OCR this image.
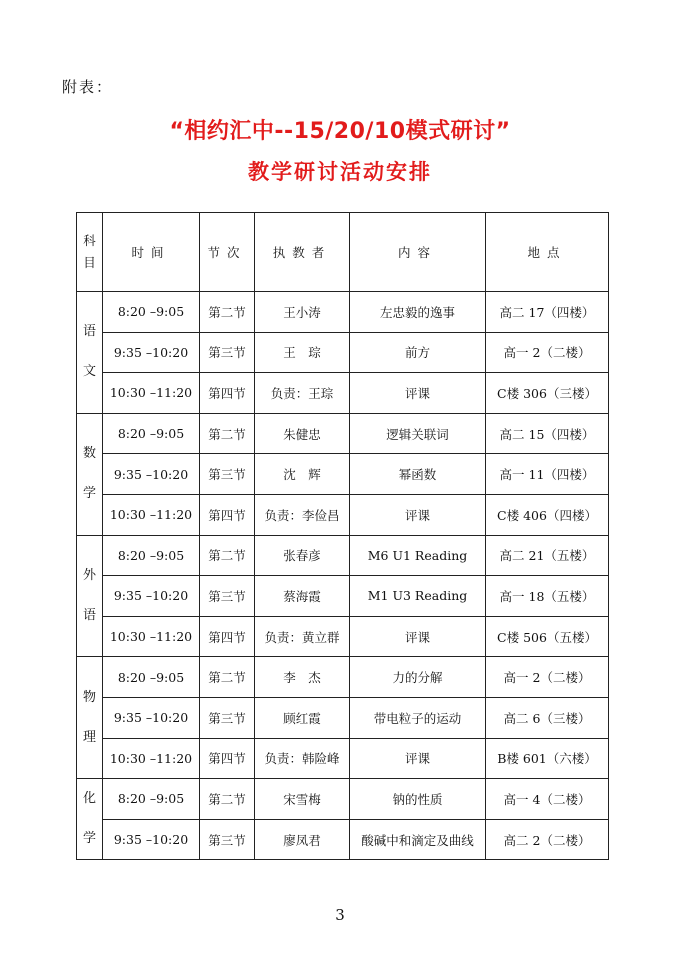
附表：
“相约汇中--15/20/10模式研讨”
教学研讨活动安排
科
目	时间	节次	执教者	内容	地点
语
文	8:20 –9:05	第二节	王小涛	左忠毅的逸事	高二 17（四楼）
	9:35 –10:20	第三节	王　琮	前方	高一 2（二楼）
	10:30 –11:20	第四节	负责：王琮	评课	C楼 306（三楼）
数
学	8:20 –9:05	第二节	朱健忠	逻辑关联词	高二 15（四楼）
	9:35 –10:20	第三节	沈　辉	幂函数	高一 11（四楼）
	10:30 –11:20	第四节	负责：李俭昌	评课	C楼 406（四楼）
外
语	8:20 –9:05	第二节	张春彦	M6 U1 Reading	高二 21（五楼）
	9:35 –10:20	第三节	蔡海霞	M1 U3 Reading	高一 18（五楼）
	10:30 –11:20	第四节	负责：黄立群	评课	C楼 506（五楼）
物
理	8:20 –9:05	第二节	李　杰	力的分解	高一 2（二楼）
	9:35 –10:20	第三节	顾红霞	带电粒子的运动	高二 6（三楼）
	10:30 –11:20	第四节	负责：韩险峰	评课	B楼 601（六楼）
化
学	8:20 –9:05	第二节	宋雪梅	钠的性质	高一 4（二楼）
	9:35 –10:20	第三节	廖凤君	酸碱中和滴定及曲线	高二 2（二楼）
3
